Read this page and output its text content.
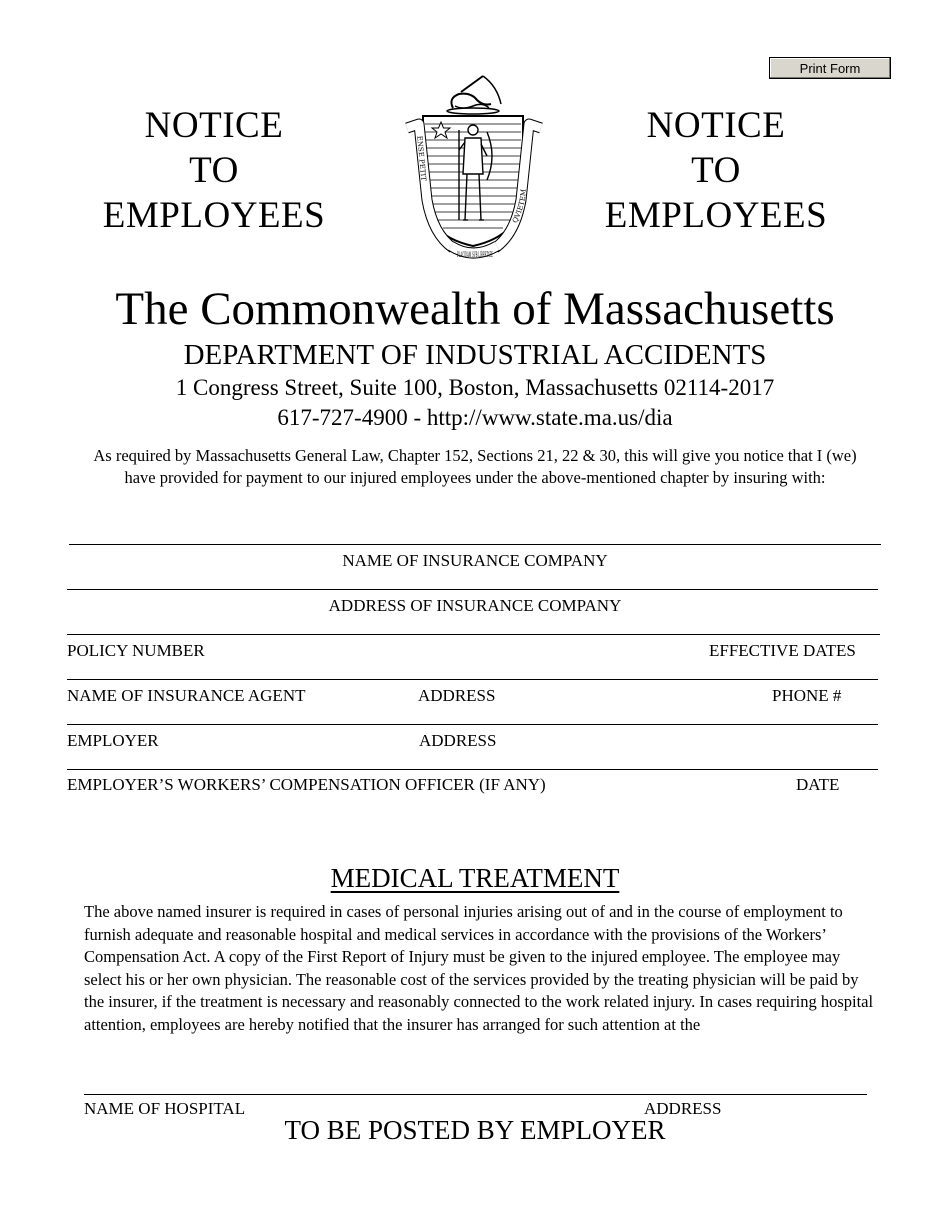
Print Form
NOTICE
TO
EMPLOYEES
NOTICE
TO
EMPLOYEES
ENSE PETIT
PLACIDAM SVB LIBERTATE
QVIETEM
The Commonwealth of Massachusetts
DEPARTMENT OF INDUSTRIAL ACCIDENTS
1 Congress Street, Suite 100, Boston, Massachusetts 02114-2017
617-727-4900 - http://www.state.ma.us/dia
As required by Massachusetts General Law, Chapter 152, Sections 21, 22 & 30, this will give you notice that I (we) have provided for payment to our injured employees under the above-mentioned chapter by insuring with:
NAME OF INSURANCE COMPANY
ADDRESS OF INSURANCE COMPANY
POLICY NUMBER	EFFECTIVE DATES
NAME OF INSURANCE AGENT	ADDRESS	PHONE #
EMPLOYER	ADDRESS
EMPLOYER’S WORKERS’ COMPENSATION OFFICER (IF ANY)	DATE
MEDICAL TREATMENT
The above named insurer is required in cases of personal injuries arising out of and in the course of employment to furnish adequate and reasonable hospital and medical services in accordance with the provisions of the Workers’ Compensation Act. A copy of the First Report of Injury must be given to the injured employee. The employee may select his or her own physician. The reasonable cost of the services provided by the treating physician will be paid by the insurer, if the treatment is necessary and reasonably connected to the work related injury. In cases requiring hospital attention, employees are hereby notified that the insurer has arranged for such attention at the
NAME OF HOSPITAL	ADDRESS
TO BE POSTED BY EMPLOYER
